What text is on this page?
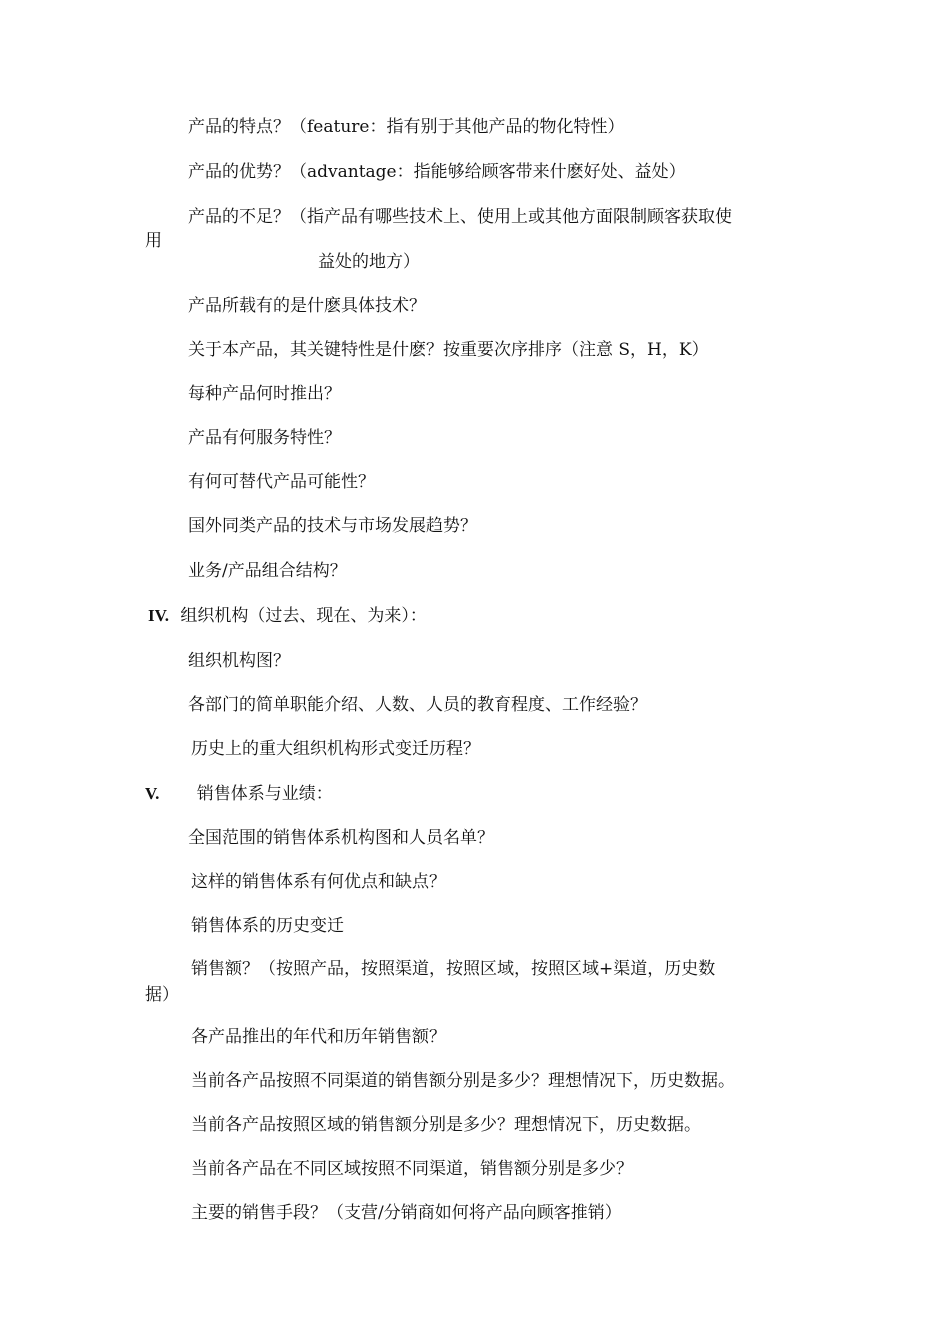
产品的特点？（feature：指有别于其他产品的物化特性）
产品的优势？（advantage：指能够给顾客带来什麽好处、益处）
产品的不足？（指产品有哪些技术上、使用上或其他方面限制顾客获取使
用
益处的地方）
产品所载有的是什麽具体技术？
关于本产品，其关键特性是什麽？按重要次序排序（注意 S，H，K）
每种产品何时推出？
产品有何服务特性？
有何可替代产品可能性？
国外同类产品的技术与市场发展趋势？
业务/产品组合结构？
IV. 组织机构（过去、现在、为来）：
组织机构图？
各部门的简单职能介绍、人数、人员的教育程度、工作经验？
历史上的重大组织机构形式变迁历程？
V. 销售体系与业绩：
全国范围的销售体系机构图和人员名单？
这样的销售体系有何优点和缺点？
销售体系的历史变迁
销售额？（按照产品，按照渠道，按照区域，按照区域+渠道，历史数
据）
各产品推出的年代和历年销售额？
当前各产品按照不同渠道的销售额分别是多少？理想情况下，历史数据。
当前各产品按照区域的销售额分别是多少？理想情况下，历史数据。
当前各产品在不同区域按照不同渠道，销售额分别是多少？
主要的销售手段？（支营/分销商如何将产品向顾客推销）
